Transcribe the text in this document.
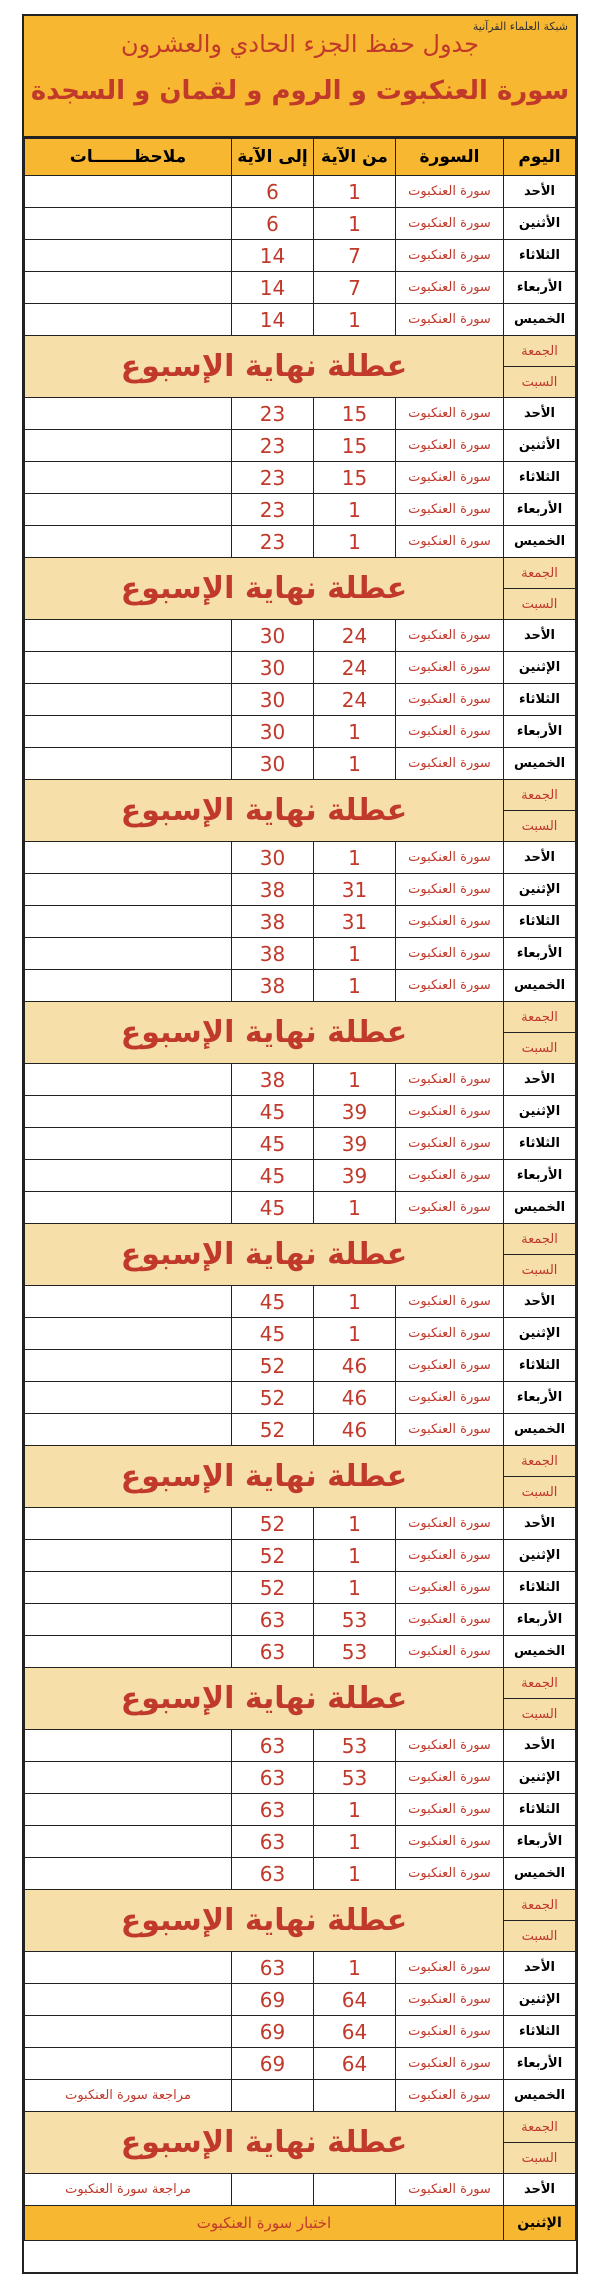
شبكة العلماء القرآنية
جدول حفظ الجزء الحادي والعشرون
سورة العنكبوت و الروم و لقمان و السجدة
اليوم	السورة	من الآية	إلى الآية	ملاحظـــــــات
الأحد	سورة العنكبوت	1	6	
الأثنين	سورة العنكبوت	1	6	
الثلاثاء	سورة العنكبوت	7	14	
الأربعاء	سورة العنكبوت	7	14	
الخميس	سورة العنكبوت	1	14	
الجمعة	عطلة نهاية الإسبوع			
السبت				
الأحد	سورة العنكبوت	15	23	
الأثنين	سورة العنكبوت	15	23	
الثلاثاء	سورة العنكبوت	15	23	
الأربعاء	سورة العنكبوت	1	23	
الخميس	سورة العنكبوت	1	23	
الجمعة	عطلة نهاية الإسبوع			
السبت				
الأحد	سورة العنكبوت	24	30	
الإثنين	سورة العنكبوت	24	30	
الثلاثاء	سورة العنكبوت	24	30	
الأربعاء	سورة العنكبوت	1	30	
الخميس	سورة العنكبوت	1	30	
الجمعة	عطلة نهاية الإسبوع			
السبت				
الأحد	سورة العنكبوت	1	30	
الإثنين	سورة العنكبوت	31	38	
الثلاثاء	سورة العنكبوت	31	38	
الأربعاء	سورة العنكبوت	1	38	
الخميس	سورة العنكبوت	1	38	
الجمعة	عطلة نهاية الإسبوع			
السبت				
الأحد	سورة العنكبوت	1	38	
الإثنين	سورة العنكبوت	39	45	
الثلاثاء	سورة العنكبوت	39	45	
الأربعاء	سورة العنكبوت	39	45	
الخميس	سورة العنكبوت	1	45	
الجمعة	عطلة نهاية الإسبوع			
السبت				
الأحد	سورة العنكبوت	1	45	
الإثنين	سورة العنكبوت	1	45	
الثلاثاء	سورة العنكبوت	46	52	
الأربعاء	سورة العنكبوت	46	52	
الخميس	سورة العنكبوت	46	52	
الجمعة	عطلة نهاية الإسبوع			
السبت				
الأحد	سورة العنكبوت	1	52	
الإثنين	سورة العنكبوت	1	52	
الثلاثاء	سورة العنكبوت	1	52	
الأربعاء	سورة العنكبوت	53	63	
الخميس	سورة العنكبوت	53	63	
الجمعة	عطلة نهاية الإسبوع			
السبت				
الأحد	سورة العنكبوت	53	63	
الإثنين	سورة العنكبوت	53	63	
الثلاثاء	سورة العنكبوت	1	63	
الأربعاء	سورة العنكبوت	1	63	
الخميس	سورة العنكبوت	1	63	
الجمعة	عطلة نهاية الإسبوع			
السبت				
الأحد	سورة العنكبوت	1	63	
الإثنين	سورة العنكبوت	64	69	
الثلاثاء	سورة العنكبوت	64	69	
الأربعاء	سورة العنكبوت	64	69	
الخميس	سورة العنكبوت			مراجعة سورة العنكبوت
الجمعة	عطلة نهاية الإسبوع			
السبت				
الأحد	سورة العنكبوت			مراجعة سورة العنكبوت
الإثنين	اختبار سورة العنكبوت			
